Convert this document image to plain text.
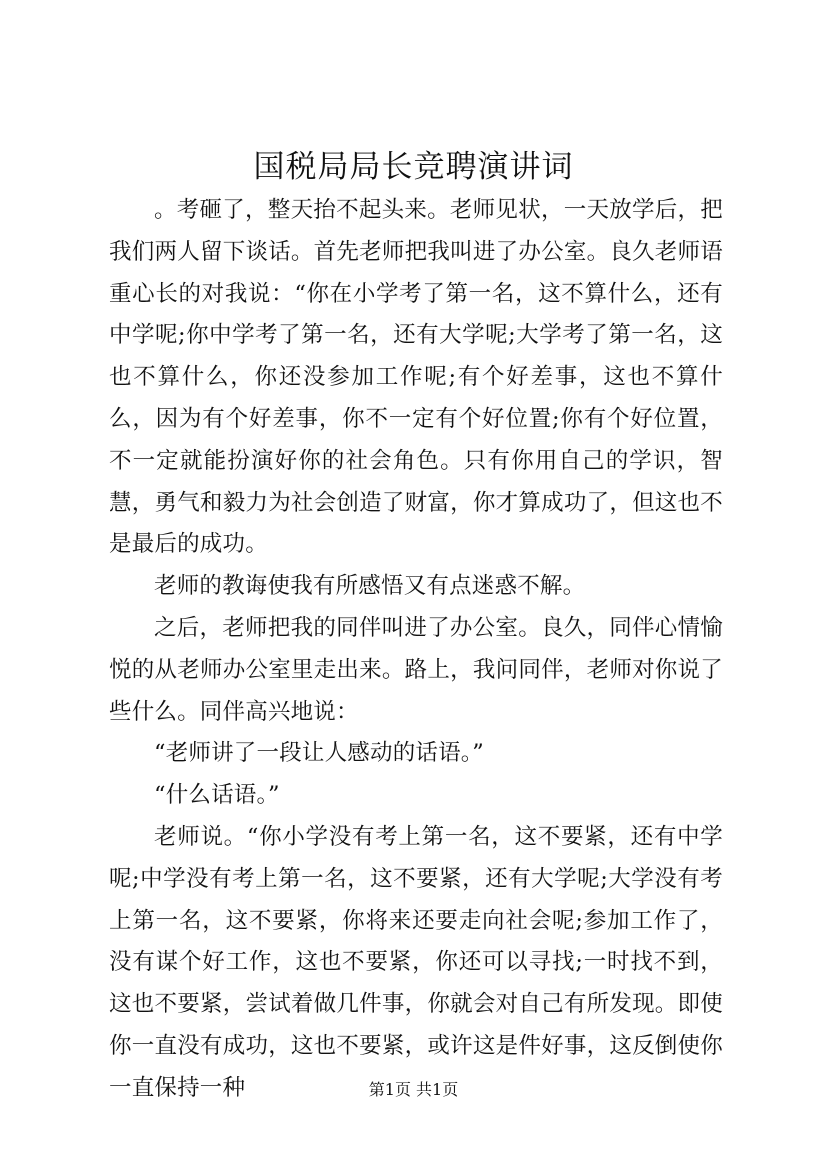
国税局局长竞聘演讲词

。考砸了，整天抬不起头来。老师见状，一天放学后，把我们两人留下谈话。首先老师把我叫进了办公室。良久老师语重心长的对我说：“你在小学考了第一名，这不算什么，还有中学呢;你中学考了第一名，还有大学呢;大学考了第一名，这也不算什么，你还没参加工作呢;有个好差事，这也不算什么，因为有个好差事，你不一定有个好位置;你有个好位置，不一定就能扮演好你的社会角色。只有你用自己的学识，智慧，勇气和毅力为社会创造了财富，你才算成功了，但这也不是最后的成功。

老师的教诲使我有所感悟又有点迷惑不解。

之后，老师把我的同伴叫进了办公室。良久，同伴心情愉悦的从老师办公室里走出来。路上，我问同伴，老师对你说了些什么。同伴高兴地说：

“老师讲了一段让人感动的话语。”

“什么话语。”

老师说。“你小学没有考上第一名，这不要紧，还有中学呢;中学没有考上第一名，这不要紧，还有大学呢;大学没有考上第一名，这不要紧，你将来还要走向社会呢;参加工作了，没有谋个好工作，这也不要紧，你还可以寻找;一时找不到，这也不要紧，尝试着做几件事，你就会对自己有所发现。即使你一直没有成功，这也不要紧，或许这是件好事，这反倒使你一直保持一种	第1页 共1页
